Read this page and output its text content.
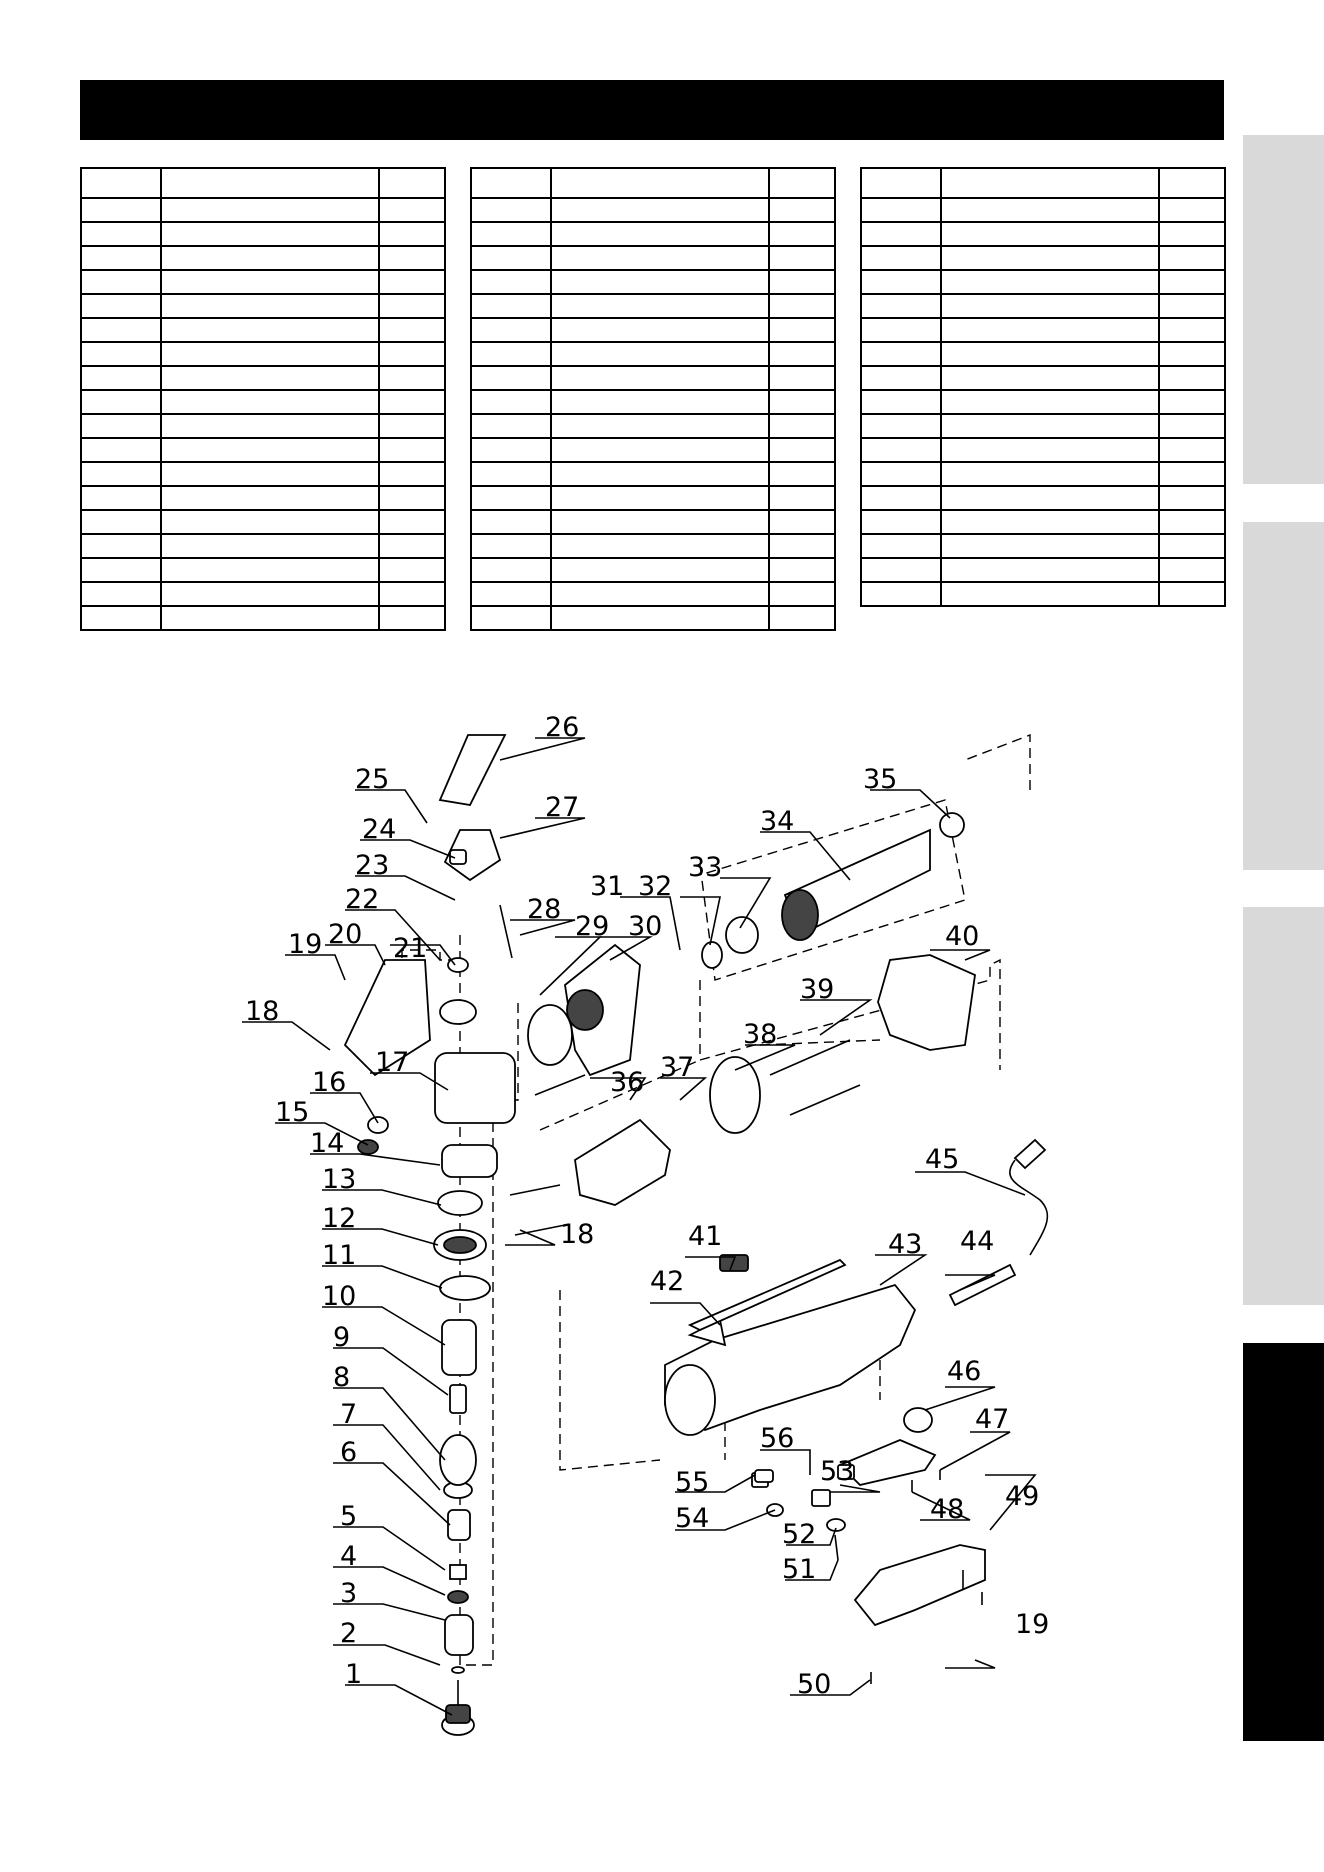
1
2
3
4
5
6
7
8
9
10
11
12
13
14
15
16
17
18
18
19
19
20 21
22
23
24
25
26
27
28
29 30
31 32
33
34
35
36 37
38
39
40
41
42
43 44
45
46
47
48 49
50
51
52
53
54
55
56
